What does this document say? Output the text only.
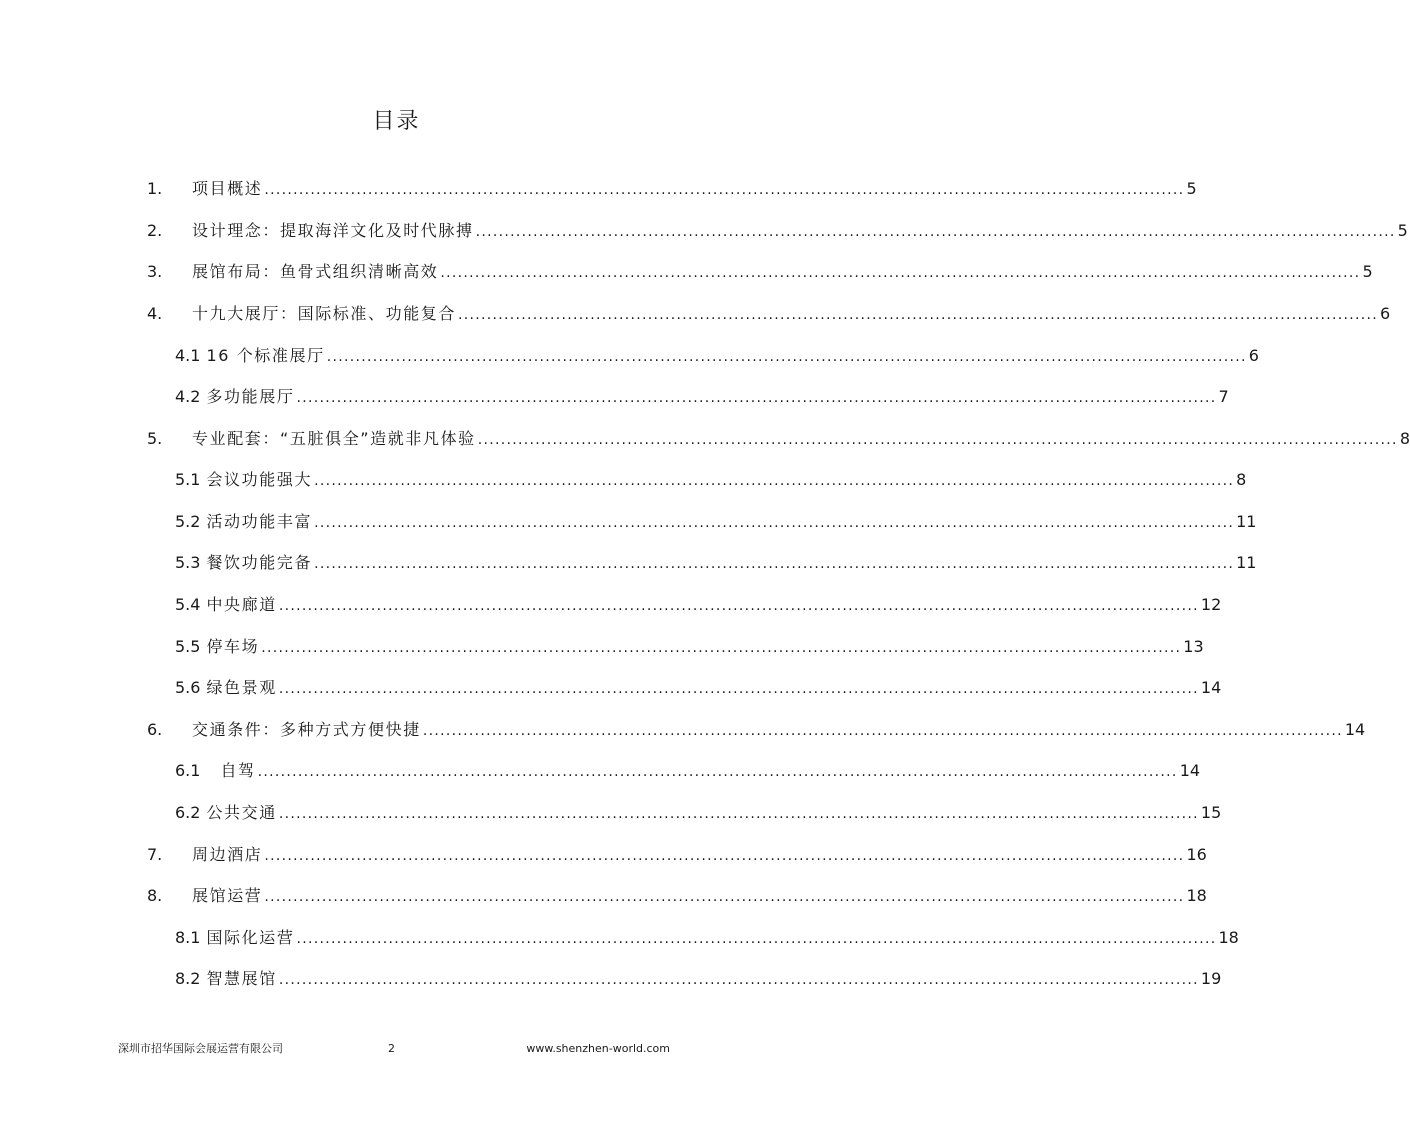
目录
1.	项目概述 ................................................................................................................................................................ 5
2.	设计理念：提取海洋文化及时代脉搏 ................................................................................................................................................................ 5
3.	展馆布局：鱼骨式组织清晰高效 ................................................................................................................................................................ 5
4.	十九大展厅：国际标准、功能复合 ................................................................................................................................................................ 6
4.1 16 个标准展厅 ................................................................................................................................................................ 6
4.2 多功能展厅 ................................................................................................................................................................ 7
5.	专业配套：“五脏俱全”造就非凡体验 ................................................................................................................................................................ 8
5.1 会议功能强大 ................................................................................................................................................................ 8
5.2 活动功能丰富 ................................................................................................................................................................ 11
5.3 餐饮功能完备 ................................................................................................................................................................ 11
5.4 中央廊道 ................................................................................................................................................................ 12
5.5 停车场 ................................................................................................................................................................ 13
5.6 绿色景观 ................................................................................................................................................................ 14
6.	交通条件：多种方式方便快捷 ................................................................................................................................................................ 14
6.1 自驾 ................................................................................................................................................................ 14
6.2 公共交通 ................................................................................................................................................................ 15
7.	周边酒店 ................................................................................................................................................................ 16
8.	展馆运营 ................................................................................................................................................................ 18
8.1 国际化运营 ................................................................................................................................................................ 18
8.2 智慧展馆 ................................................................................................................................................................ 19
深圳市招华国际会展运营有限公司	2	www.shenzhen-world.com
